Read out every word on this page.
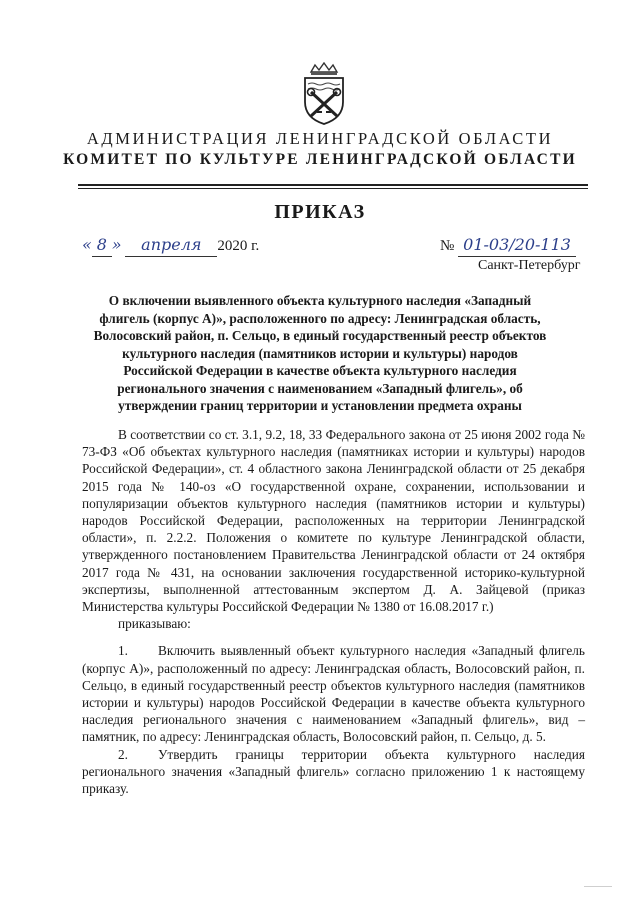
АДМИНИСТРАЦИЯ ЛЕНИНГРАДСКОЙ ОБЛАСТИ
КОМИТЕТ ПО КУЛЬТУРЕ ЛЕНИНГРАДСКОЙ ОБЛАСТИ
ПРИКАЗ
« 8 » апреля 2020 г.	№ 01-03/20-113
Санкт-Петербург
О включении выявленного объекта культурного наследия «Западный флигель (корпус А)», расположенного по адресу: Ленинградская область, Волосовский район, п. Сельцо, в единый государственный реестр объектов культурного наследия (памятников истории и культуры) народов Российской Федерации в качестве объекта культурного наследия регионального значения с наименованием «Западный флигель», об утверждении границ территории и установлении предмета охраны

В соответствии со ст. 3.1, 9.2, 18, 33 Федерального закона от 25 июня 2002 года № 73-ФЗ «Об объектах культурного наследия (памятниках истории и культуры) народов Российской Федерации», ст. 4 областного закона Ленинградской области от 25 декабря 2015 года № 140-оз «О государственной охране, сохранении, использовании и популяризации объектов культурного наследия (памятников истории и культуры) народов Российской Федерации, расположенных на территории Ленинградской области», п. 2.2.2. Положения о комитете по культуре Ленинградской области, утвержденного постановлением Правительства Ленинградской области от 24 октября 2017 года № 431, на основании заключения государственной историко-культурной экспертизы, выполненной аттестованным экспертом Д. А. Зайцевой (приказ Министерства культуры Российской Федерации № 1380 от 16.08.2017 г.)

приказываю:

1. Включить выявленный объект культурного наследия «Западный флигель (корпус А)», расположенный по адресу: Ленинградская область, Волосовский район, п. Сельцо, в единый государственный реестр объектов культурного наследия (памятников истории и культуры) народов Российской Федерации в качестве объекта культурного наследия регионального значения с наименованием «Западный флигель», вид – памятник, по адресу: Ленинградская область, Волосовский район, п. Сельцо, д. 5.

2. Утвердить границы территории объекта культурного наследия регионального значения «Западный флигель» согласно приложению 1 к настоящему приказу.
